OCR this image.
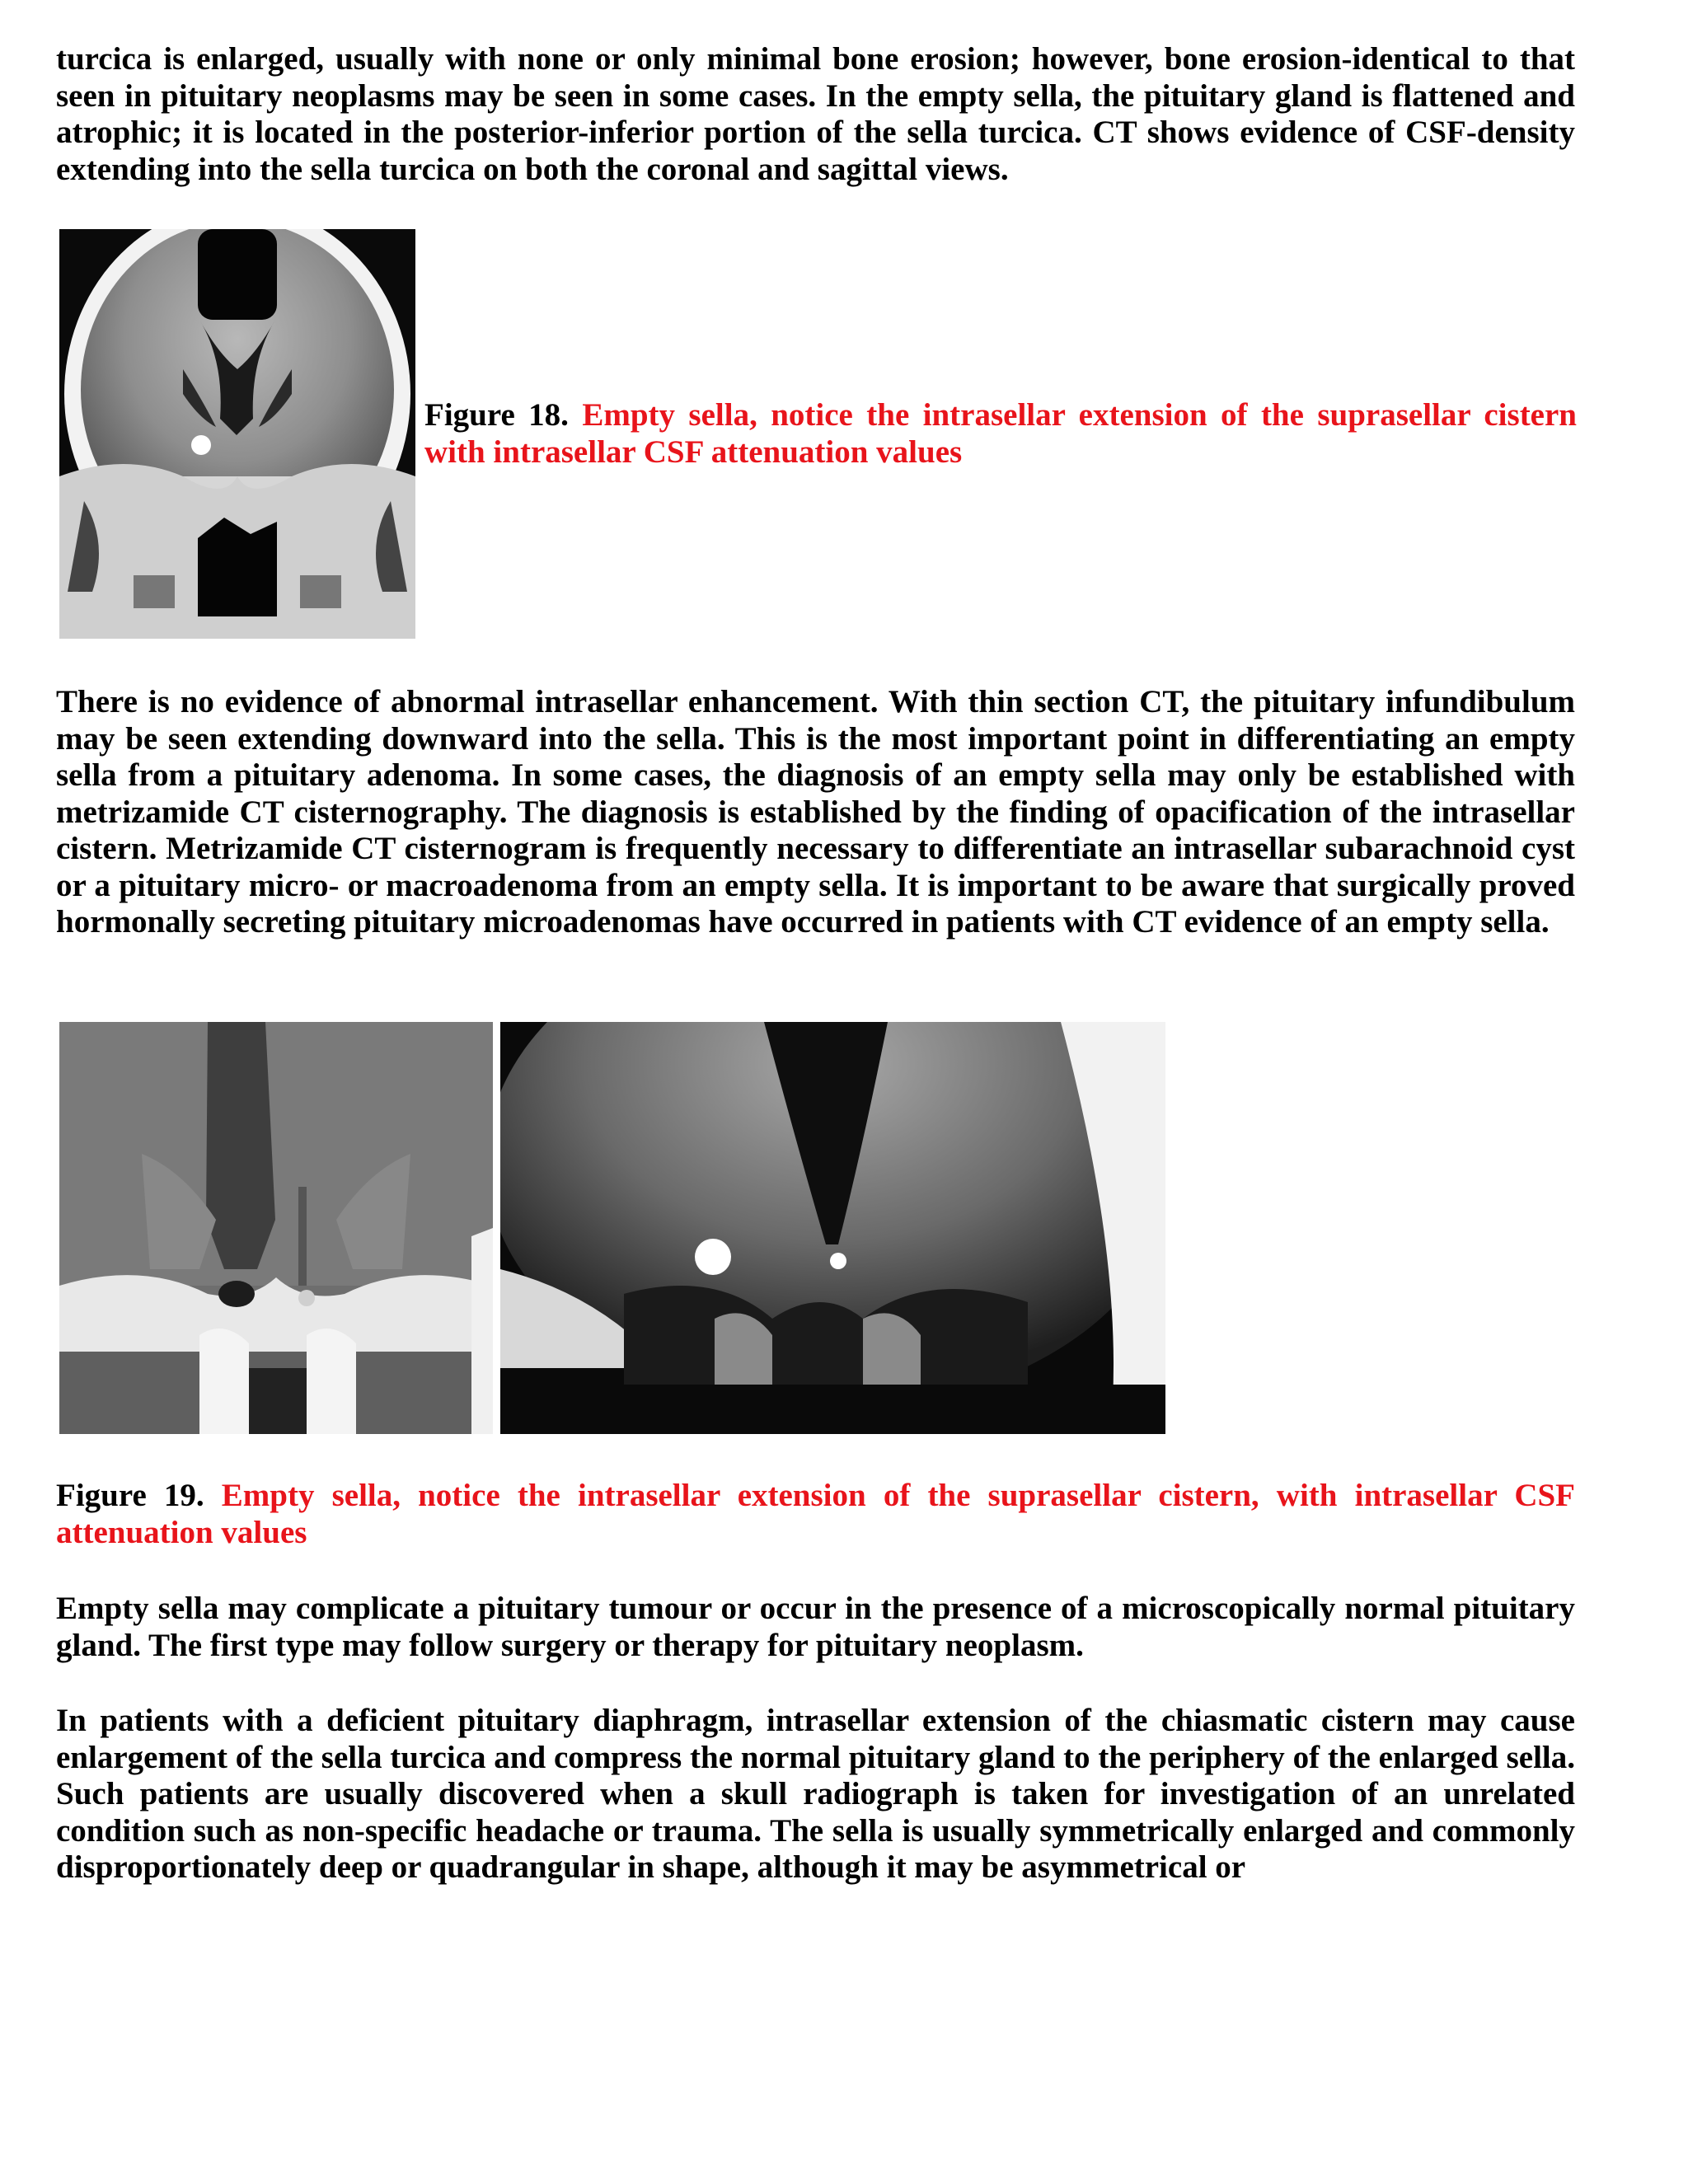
turcica is enlarged, usually with none or only minimal bone erosion; however, bone erosion-identical to that seen in pituitary neoplasms may be seen in some cases. In the empty sella, the pituitary gland is flattened and atrophic; it is located in the posterior-inferior portion of the sella turcica. CT shows evidence of CSF-density extending into the sella turcica on both the coronal and sagittal views.

Figure 18. Empty sella, notice the intrasellar extension of the suprasellar cistern with intrasellar CSF attenuation values

There is no evidence of abnormal intrasellar enhancement. With thin section CT, the pituitary infundibulum may be seen extending downward into the sella. This is the most important point in differentiating an empty sella from a pituitary adenoma. In some cases, the diagnosis of an empty sella may only be established with metrizamide CT cisternography. The diagnosis is established by the finding of opacification of the intrasellar cistern. Metrizamide CT cisternogram is frequently necessary to differentiate an intrasellar subarachnoid cyst or a pituitary micro- or macroadenoma from an empty sella. It is important to be aware that surgically proved hormonally secreting pituitary microadenomas have occurred in patients with CT evidence of an empty sella.

Figure 19. Empty sella, notice the intrasellar extension of the suprasellar cistern, with intrasellar CSF attenuation values

Empty sella may complicate a pituitary tumour or occur in the presence of a microscopically normal pituitary gland. The first type may follow surgery or therapy for pituitary neoplasm.

In patients with a deficient pituitary diaphragm, intrasellar extension of the chiasmatic cistern may cause enlargement of the sella turcica and compress the normal pituitary gland to the periphery of the enlarged sella. Such patients are usually discovered when a skull radiograph is taken for investigation of an unrelated condition such as non-specific headache or trauma. The sella is usually symmetrically enlarged and commonly disproportionately deep or quadrangular in shape, although it may be asymmetrical or
